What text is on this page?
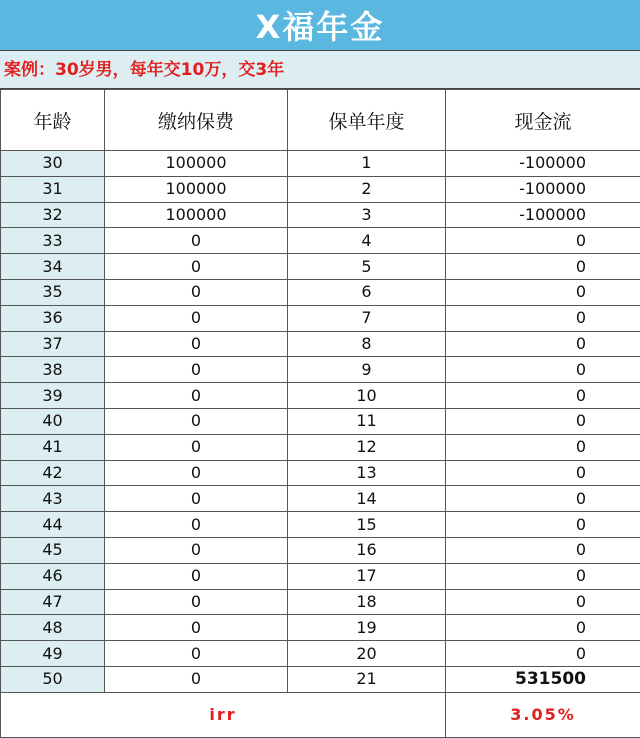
X福年金
案例：30岁男，每年交10万，交3年
年龄	缴纳保费	保单年度	现金流
30	100000	1	-100000
31	100000	2	-100000
32	100000	3	-100000
33	0	4	0
34	0	5	0
35	0	6	0
36	0	7	0
37	0	8	0
38	0	9	0
39	0	10	0
40	0	11	0
41	0	12	0
42	0	13	0
43	0	14	0
44	0	15	0
45	0	16	0
46	0	17	0
47	0	18	0
48	0	19	0
49	0	20	0
50	0	21	531500
irr			3.05%
